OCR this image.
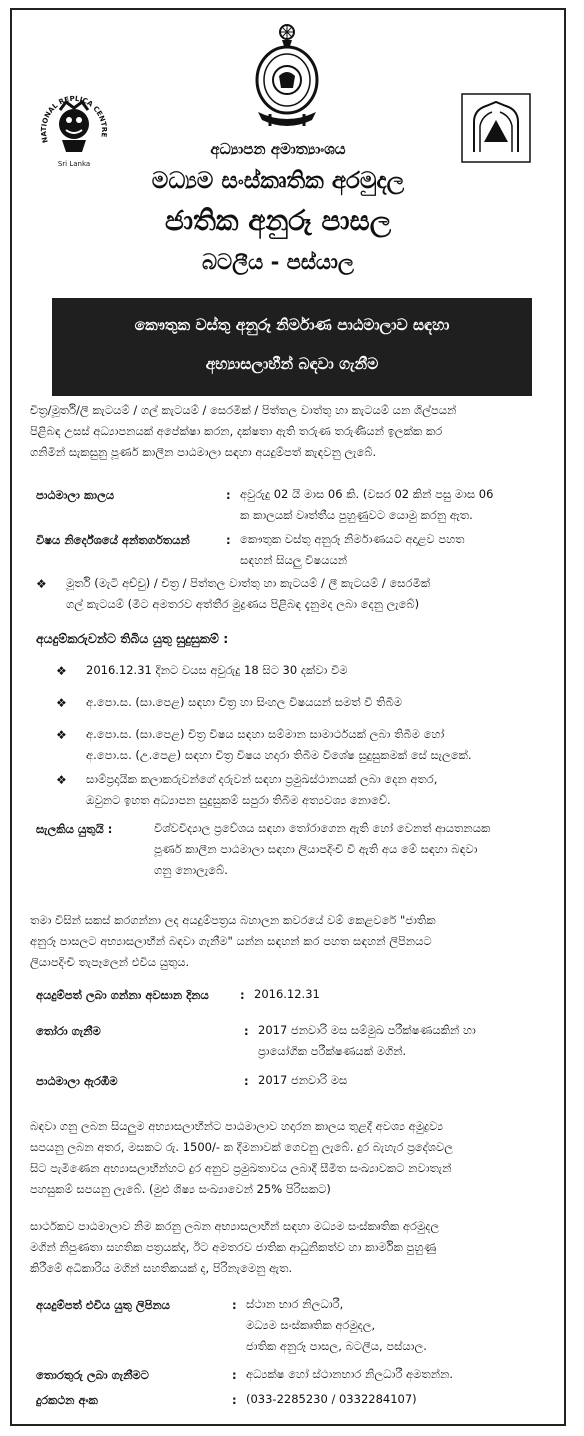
NATIONAL REPLICA CENTRE
Sri Lanka
අධ්‍යාපන අමාත්‍යාංශය
මධ්‍යම සංස්කෘතික අරමුදල
ජාතික අනුරූ පාසල
බටලීය - පස්යාල
කෞතුක වස්තු අනුරූ නිර්මාණ පාඨමාලාව සඳහා
අභ්‍යාසලාභීන් බඳවා ගැනීම
චිත්‍ර/මූර්ති/ලී කැටයම් / ගල් කැටයම් / සෙරමික් / පිත්තල වාත්තු හා කැටයම් යන ශිල්පයන්
පිළිබඳ උසස් අධ්‍යාපනයක් අපේක්ෂා කරන, දක්ෂතා ඇති තරුණ තරුණියන් ඉලක්ක කර
ගනිමින් සැකසුනු පූර්ණ කාලීන පාඨමාලා සඳහා අයදුම්පත් කැඳවනු ලැබේ.
පාඨමාලා කාලය	: අවුරුදු 02 යි මාස 06 කි. (වසර 02 කින් පසු මාස 06
ක කාලයක් වෘත්තීය පුහුණුවට යොමු කරනු ඇත.
විෂය නිර්දේශයේ අන්තර්ගතයන්	: කෞතුක වස්තු අනුරූ නිර්මාණයට අදාළව පහත
සඳහන් සියලු විෂයයන්
❖ මූර්ති (මැටි අච්චු) / චිත්‍ර / පිත්තල වාත්තු හා කැටයම් / ලී කැටයම් / සෙරමික්
ගල් කැටයම් (මීට අමතරව අත්තීර මුද්‍රණය පිළිබඳ දැනුමද ලබා දෙනු ලැබේ)
අයදුම්කරුවන්ට තිබිය යුතු සුදුසුකම් :
❖ 2016.12.31 දිනට වයස අවුරුදු 18 සිට 30 දක්වා වීම
❖ අ.පො.ස. (සා.පෙළ) සඳහා චිත්‍ර හා සිංහල විෂයයන් සමත් වී තිබීම
❖ අ.පො.ස. (සා.පෙළ) චිත්‍ර විෂය සඳහා සම්මාන සාමාර්ථයක් ලබා තිබීම හෝ
අ.පො.ස. (උ.පෙළ) සඳහා චිත්‍ර විෂය හදාරා තිබීම විශේෂ සුදුසුකමක් සේ සැලකේ.
❖ සාම්ප්‍රදායික කලාකරුවන්ගේ දරුවන් සඳහා ප්‍රමුඛස්ථානයක් ලබා දෙන අතර,
ඔවුනට ඉහත අධ්‍යාපන සුදුසුකම් සපුරා තිබීම අත්‍යවශ්‍ය නොවේ.
සැලකිය යුතුයි :	විශ්වවිද්‍යාල ප්‍රවේශය සඳහා තෝරාගෙන ඇති හෝ වෙනත් ආයතනයක
පූර්ණ කාලීන පාඨමාලා සඳහා ලියාපදිංචි වී ඇති අය මේ සඳහා බඳවා
ගනු නොලැබේ.
තමා විසින් සකස් කරගන්නා ලද අයදුම්පත්‍රය බහාලන කවරයේ වම් කෙළවරේ "ජාතික
අනුරූ පාසලට අභ්‍යාසලාභීන් බඳවා ගැනීම" යන්න සඳහන් කර පහත සඳහන් ලිපිනයට
ලියාපදිංචි තැපෑලෙන් එවිය යුතුය.
අයදුම්පත් ලබා ගන්නා අවසාන දිනය	: 2016.12.31
තෝරා ගැනීම	: 2017 ජනවාරි මස සම්මුඛ පරීක්ෂණයකින් හා
ප්‍රායෝගික පරීක්ෂණයක් මගින්.
පාඨමාලා ඇරඹීම	: 2017 ජනවාරි මස
බඳවා ගනු ලබන සියලුම අභ්‍යාසලාභීන්ට පාඨමාලාව හදාරන කාලය තුළදී අවශ්‍ය අමුද්‍රව්‍ය
සපයනු ලබන අතර, මසකට රු. 1500/- ක දීමනාවක් ගෙවනු ලැබේ. දුර බැහැර ප්‍රදේශවල
සිට පැමිණෙන අභ්‍යාසලාභීන්හට දුර අනුව ප්‍රමුඛතාවය ලබාදී සීමිත සංඛ්‍යාවකට නවාතැන්
පහසුකම් සපයනු ලැබේ. (මුළු ශිෂ්‍ය සංඛ්‍යාවෙන් 25% පිරිසකට)
සාර්ථකව පාඨමාලාව නිම කරනු ලබන අභ්‍යාසලාභීන් සඳහා මධ්‍යම සංස්කෘතික අරමුදල
මගින් නිපුණතා සහතික පත්‍රයක්ද, ඊට අමතරව ජාතික ආධුනිකත්ව හා කාර්මික පුහුණු
කිරීමේ අධිකාරිය මගින් සහතිකයක් ද, පිරිනැමෙනු ඇත.
අයදුම්පත් එවිය යුතු ලිපිනය	: ස්ථාන භාර නිලධාරී,
මධ්‍යම සංස්කෘතික අරමුදල,
ජාතික අනුරූ පාසල, බටලීය, පස්යාල.
තොරතුරු ලබා ගැනීමට	: අධ්‍යක්ෂ හෝ ස්ථානභාර නිලධාරී අමතන්න.
දුරකථන අංක	: (033-2285230 / 0332284107)
